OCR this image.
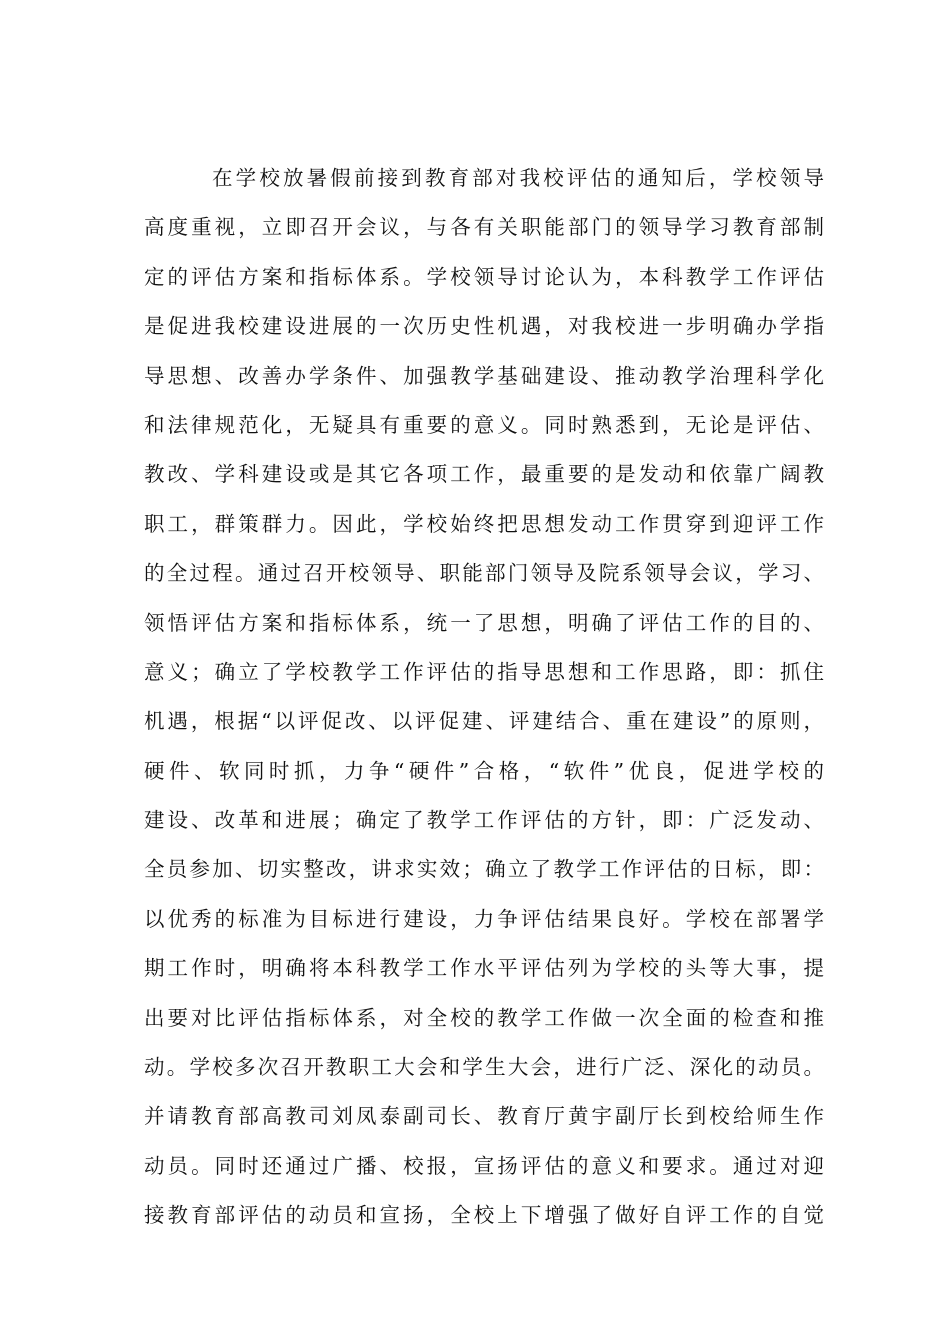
在学校放暑假前接到教育部对我校评估的通知后，学校领导
高度重视，立即召开会议，与各有关职能部门的领导学习教育部制
定的评估方案和指标体系。学校领导讨论认为，本科教学工作评估
是促进我校建设进展的一次历史性机遇，对我校进一步明确办学指
导思想、改善办学条件、加强教学基础建设、推动教学治理科学化
和法律规范化，无疑具有重要的意义。同时熟悉到，无论是评估、
教改、学科建设或是其它各项工作，最重要的是发动和依靠广阔教
职工，群策群力。因此，学校始终把思想发动工作贯穿到迎评工作
的全过程。通过召开校领导、职能部门领导及院系领导会议，学习、
领悟评估方案和指标体系，统一了思想，明确了评估工作的目的、
意义；确立了学校教学工作评估的指导思想和工作思路，即：抓住
机遇，根据“以评促改、以评促建、评建结合、重在建设”的原则，
硬件、软同时抓，力争“硬件”合格，“软件”优良，促进学校的
建设、改革和进展；确定了教学工作评估的方针，即：广泛发动、
全员参加、切实整改，讲求实效；确立了教学工作评估的日标，即：
以优秀的标准为目标进行建设，力争评估结果良好。学校在部署学
期工作时，明确将本科教学工作水平评估列为学校的头等大事，提
出要对比评估指标体系，对全校的教学工作做一次全面的检查和推
动。学校多次召开教职工大会和学生大会，进行广泛、深化的动员。
并请教育部高教司刘凤泰副司长、教育厅黄宇副厅长到校给师生作
动员。同时还通过广播、校报，宣扬评估的意义和要求。通过对迎
接教育部评估的动员和宣扬，全校上下增强了做好自评工作的自觉
